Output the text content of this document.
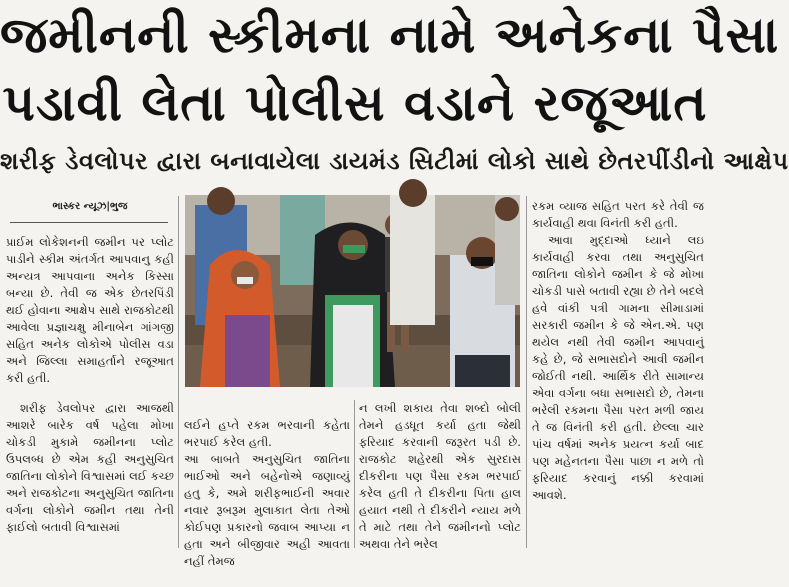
જમીનની સ્કીમના નામે અનેકના પૈસા
પડાવી લેતા પોલીસ વડાને રજૂઆત
શરીફ ડેવલોપર દ્વારા બનાવાયેલા ડાયમંડ સિટીમાં લોકો સાથે છેતરપીંડીનો આક્ષેપ
ભાસ્કર ન્યૂઝ|ભુજ

પ્રાઈમ લોકેશનની જમીન પર પ્લોટ પાડીને સ્કીમ અંતર્ગત આપવાનુ કહી અન્યત્ર આપવાના અનેક કિસ્સા બન્યા છે. તેવી જ એક છેતરપિંડી થઈ હોવાના આક્ષેપ સાથે રાજકોટથી આવેલા પ્રજ્ઞાચક્ષુ મીનાબેન ગાંગજી સહિત અનેક લોકોએ પોલીસ વડા અને જિલ્લા સમાહર્તાને રજૂઆત કરી હતી.

શરીફ ડેવલોપર દ્વારા આજથી આશરે બારેક વર્ષ પહેલા મોખા ચોકડી મુકામે જમીનના પ્લોટ ઉપલબ્ધ છે એમ કહી અનુસુચિત જાતિના લોકોને વિશ્વાસમાં લઈ કચ્છ અને રાજકોટના અનુસુચિત જાતિના વર્ગના લોકોને જમીન તથા તેની ફાઈલો બતાવી વિશ્વાસમાં

લઈને હપ્તે રકમ ભરવાની કહેતા ભરપાઈ કરેલ હતી.
આ બાબતે અનુસુચિત જાતિના ભાઈઓ અને બહેનોએ જણાવ્યું હતુ કે, અમે શરીફભાઈની અવાર નવાર રૂબરૂમ મુલાકાત લેતા તેઓ કોઈપણ પ્રકારનો જવાબ આપ્યા ન હતા અને બીજીવાર અહી આવતા નહીં તેમજ

ન લખી શકાય તેવા શબ્દો બોલી તેમને હડધૂત કર્યા હતા જેથી ફરિયાદ કરવાની જરૂરત પડી છે. રાજકોટ શહેરથી એક સુરદાસ દીકરીના પણ પૈસા રકમ ભરપાઈ કરેલ હતી તે દીકરીના પિતા હાલ હયાત નથી તે દીકરીને ન્યાય મળે તે માટે તથા તેને જમીનનો પ્લોટ અથવા તેને ભરેલ

રકમ વ્યાજ સહિત પરત કરે તેવી જ કાર્યવાહી થવા વિનંતી કરી હતી.

આવા મુદ્દાઓ ધ્યાને લઇ કાર્યવાહી કરવા તથા અનુસુચિત જાતિના લોકોને જમીન કે જે મોખા ચોકડી પાસે બતાવી રહ્યા છે તેને બદલે હવે વાંકી પત્રી ગામના સીમાડામાં સરકારી જમીન કે જે એન.એ. પણ થયેલ નથી તેવી જમીન આપવાનું કહે છે, જે સભાસદોને આવી જમીન જોઈતી નથી. આર્થિક રીતે સામાન્ય એવા વર્ગના બધા સભાસદો છે, તેમના ભરેલી રકમના પૈસા પરત મળી જાય તે જ વિનંતી કરી હતી. છેલ્લા ચાર પાંચ વર્ષમાં અનેક પ્રયત્ન કર્યા બાદ પણ મહેનતના પૈસા પાછા ન મળે તો ફરિયાદ કરવાનું નક્કી કરવામાં આવશે.
